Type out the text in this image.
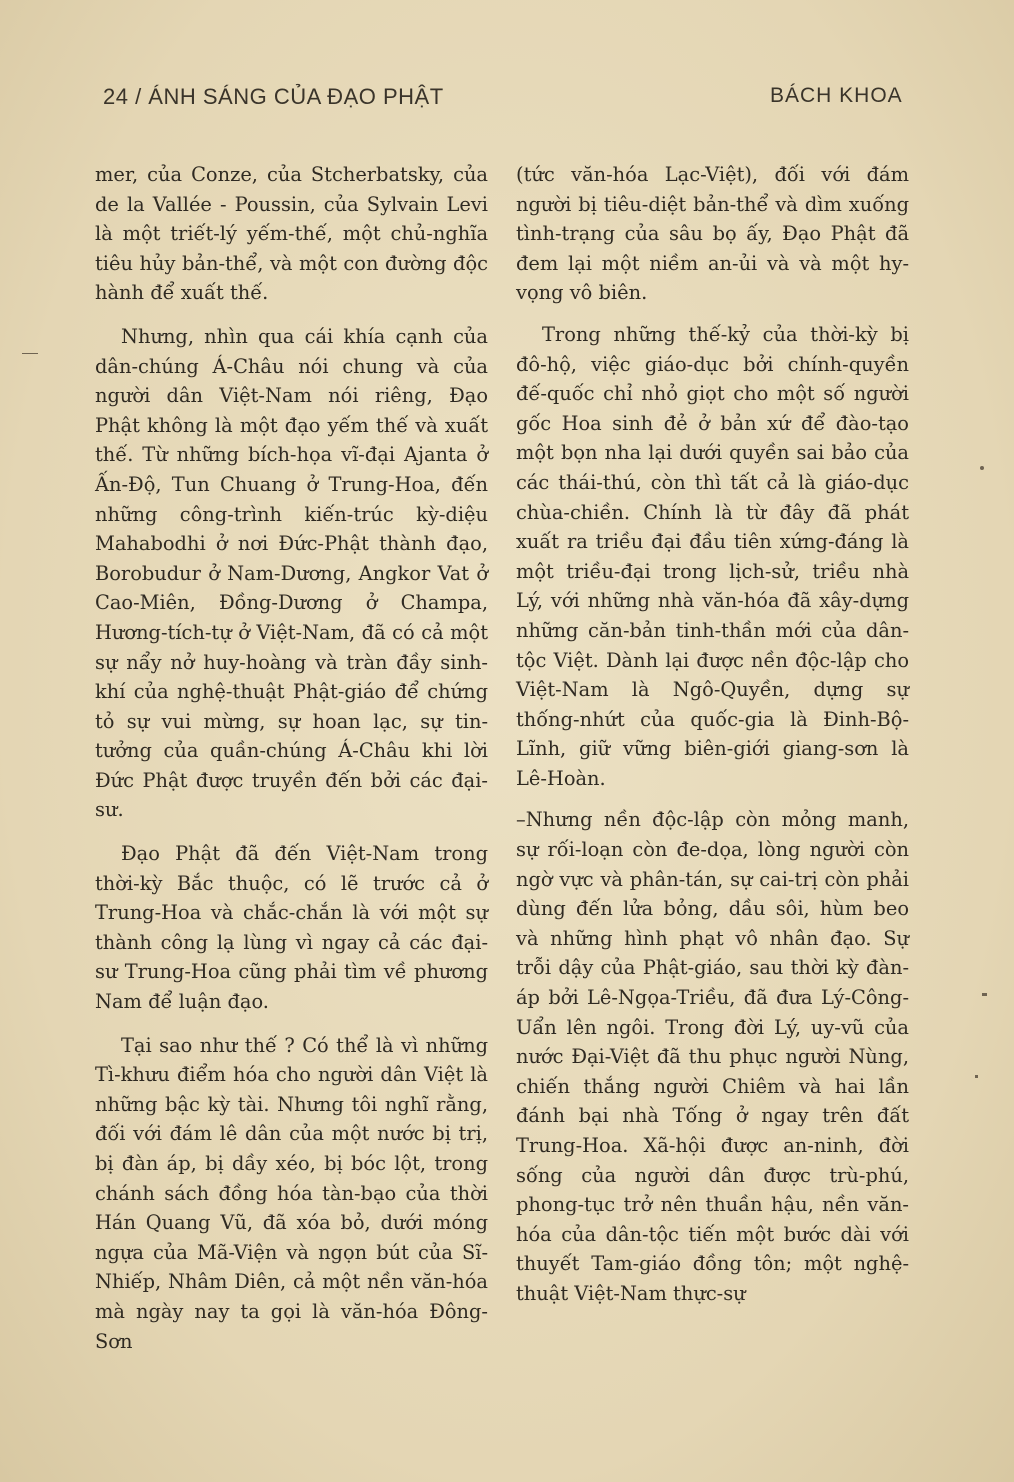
24 / ÁNH SÁNG CỦA ĐẠO PHẬT	BÁCH KHOA

mer, của Conze, của Stcherbatsky, của de la Vallée - Poussin, của Sylvain Levi là một triết-lý yếm-thế, một chủ-nghĩa tiêu hủy bản-thể, và một con đường độc hành để xuất thế.

Nhưng, nhìn qua cái khía cạnh của dân-chúng Á-Châu nói chung và của người dân Việt-Nam nói riêng, Đạo Phật không là một đạo yếm thế và xuất thế. Từ những bích-họa vĩ-đại Ajanta ở Ấn-Độ, Tun Chuang ở Trung-Hoa, đến những công-trình kiến-trúc kỳ-diệu Mahabodhi ở nơi Đức-Phật thành đạo, Borobudur ở Nam-Dương, Angkor Vat ở Cao-Miên, Đồng-Dương ở Champa, Hương-tích-tự ở Việt-Nam, đã có cả một sự nẩy nở huy-hoàng và tràn đầy sinh-khí của nghệ-thuật Phật-giáo để chứng tỏ sự vui mừng, sự hoan lạc, sự tin-tưởng của quần-chúng Á-Châu khi lời Đức Phật được truyền đến bởi các đại-sư.

Đạo Phật đã đến Việt-Nam trong thời-kỳ Bắc thuộc, có lẽ trước cả ở Trung-Hoa và chắc-chắn là với một sự thành công lạ lùng vì ngay cả các đại-sư Trung-Hoa cũng phải tìm về phương Nam để luận đạo.

Tại sao như thế ? Có thể là vì những Tì-khưu điểm hóa cho người dân Việt là những bậc kỳ tài. Nhưng tôi nghĩ rằng, đối với đám lê dân của một nước bị trị, bị đàn áp, bị dầy xéo, bị bóc lột, trong chánh sách đồng hóa tàn-bạo của thời Hán Quang Vũ, đã xóa bỏ, dưới móng ngựa của Mã-Viện và ngọn bút của Sĩ-Nhiếp, Nhâm Diên, cả một nền văn-hóa mà ngày nay ta gọi là văn-hóa Đông-Sơn

(tức văn-hóa Lạc-Việt), đối với đám người bị tiêu-diệt bản-thể và dìm xuống tình-trạng của sâu bọ ấy, Đạo Phật đã đem lại một niềm an-ủi và và một hy-vọng vô biên.

Trong những thế-kỷ của thời-kỳ bị đô-hộ, việc giáo-dục bởi chính-quyền đế-quốc chỉ nhỏ giọt cho một số người gốc Hoa sinh đẻ ở bản xứ để đào-tạo một bọn nha lại dưới quyền sai bảo của các thái-thú, còn thì tất cả là giáo-dục chùa-chiền. Chính là từ đây đã phát xuất ra triều đại đầu tiên xứng-đáng là một triều-đại trong lịch-sử, triều nhà Lý, với những nhà văn-hóa đã xây-dựng những căn-bản tinh-thần mới của dân-tộc Việt. Dành lại được nền độc-lập cho Việt-Nam là Ngô-Quyền, dựng sự thống-nhứt của quốc-gia là Đinh-Bộ-Lĩnh, giữ vững biên-giới giang-sơn là Lê-Hoàn.

–Nhưng nền độc-lập còn mỏng manh, sự rối-loạn còn đe-dọa, lòng người còn ngờ vực và phân-tán, sự cai-trị còn phải dùng đến lửa bỏng, dầu sôi, hùm beo và những hình phạt vô nhân đạo. Sự trỗi dậy của Phật-giáo, sau thời kỳ đàn-áp bởi Lê-Ngọa-Triều, đã đưa Lý-Công-Uẩn lên ngôi. Trong đời Lý, uy-vũ của nước Đại-Việt đã thu phục người Nùng, chiến thắng người Chiêm và hai lần đánh bại nhà Tống ở ngay trên đất Trung-Hoa. Xã-hội được an-ninh, đời sống của người dân được trù-phú, phong-tục trở nên thuần hậu, nền văn-hóa của dân-tộc tiến một bước dài với thuyết Tam-giáo đồng tôn; một nghệ-thuật Việt-Nam thực-sự
